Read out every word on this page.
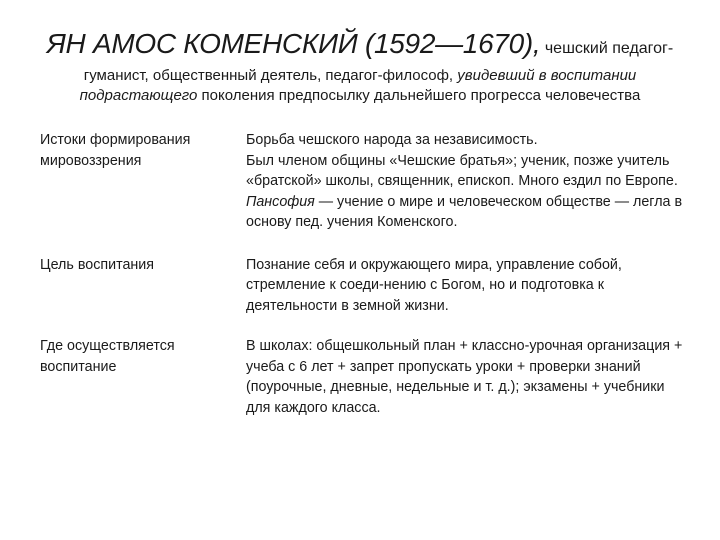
ЯН АМОС КОМЕНСКИЙ (1592—1670), чешский педагог-
гуманист, общественный деятель, педагог-философ, увидевший в воспитании
подрастающего поколения предпосылку дальнейшего прогресса человечества
Истоки формирования мировоззрения	Борьба чешского народа за независимость.
Был членом общины «Чешские братья»; ученик, позже учитель «братской» школы, священник, епископ. Много ездил по Европе.
Пансофия — учение о мире и человеческом обществе — легла в основу пед. учения Коменского.
Цель воспитания	Познание себя и окружающего мира, управление собой, стремление к соеди-нению с Богом, но и подготовка к деятельности в земной жизни.
Где осуществляется воспитание	В школах: общешкольный план + классно-урочная организация + учеба с 6 лет + запрет пропускать уроки + проверки знаний (поурочные, дневные, недельные и т. д.); экзамены + учебники для каждого класса.
